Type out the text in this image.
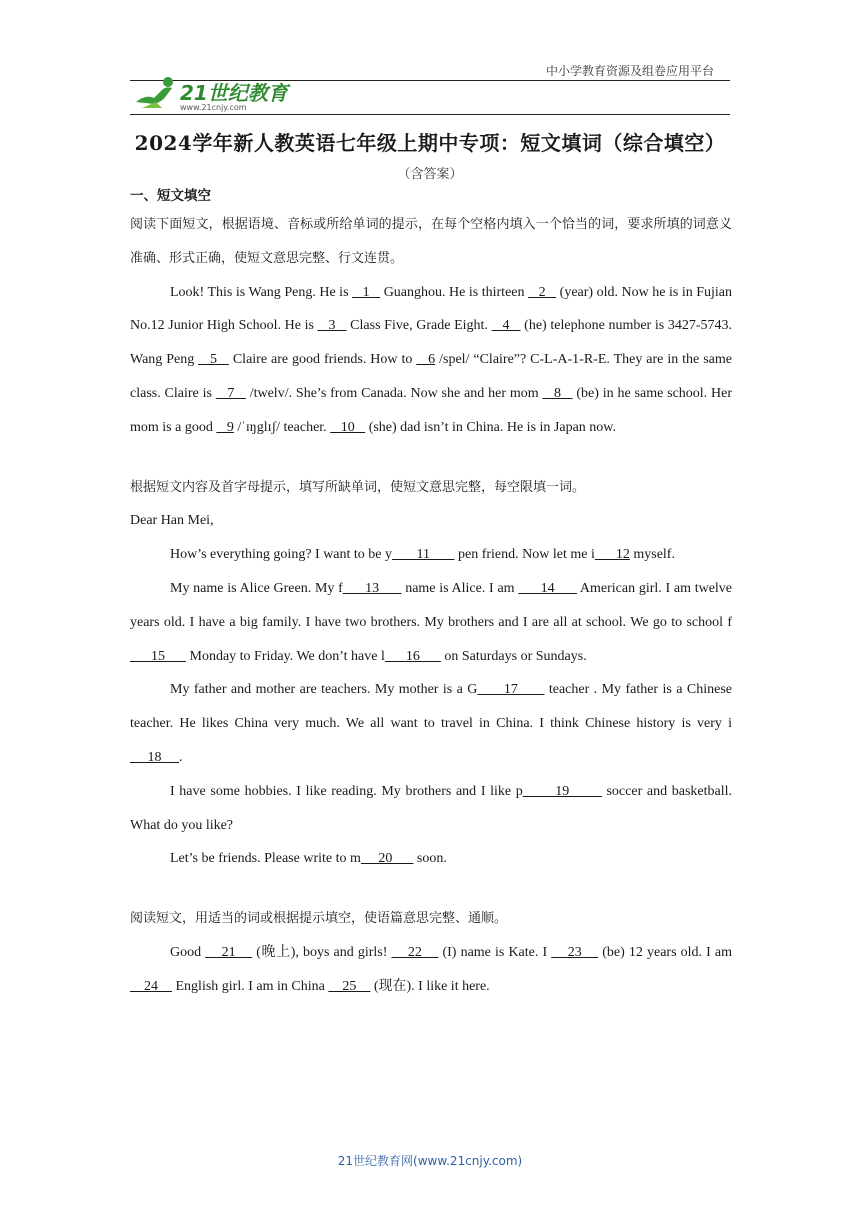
中小学教育资源及组卷应用平台
21世纪教育
www.21cnjy.com
2024学年新人教英语七年级上期中专项：短文填词（综合填空）
（含答案）

一、短文填空

阅读下面短文，根据语境、音标或所给单词的提示，在每个空格内填入一个恰当的词，要求所填的词意义准确、形式正确，使短文意思完整、行文连贯。

Look! This is Wang Peng. He is    1    Guanghou. He is thirteen    2    (year) old. Now he is in Fujian No.12 Junior High School. He is    3    Class Five, Grade Eight.    4    (he) telephone number is 3427-5743. Wang Peng    5    Claire are good friends. How to    6 /spel/ “Claire”? C-L-A-1-R-E. They are in the same class. Claire is    7    /twelv/. She’s from Canada. Now she and her mom    8    (be) in he same school. Her mom is a good    9 /ˈɪŋglɪʃ/ teacher.    10    (she) dad isn’t in China. He is in Japan now.

根据短文内容及首字母提示，填写所缺单词，使短文意思完整，每空限填一词。

Dear Han Mei,

How’s everything going? I want to be y       11        pen friend. Now let me i      12 myself.

My name is Alice Green. My f      13       name is Alice. I am       14       American girl. I am twelve years old. I have a big family. I have two brothers. My brothers and I are all at school. We go to school f      15       Monday to Friday. We don’t have l      16       on Saturdays or Sundays.

My father and mother are teachers. My mother is a G      17       teacher . My father is a Chinese teacher. He likes China very much. We all want to travel in China. I think Chinese history is very i     18     .

I have some hobbies. I like reading. My brothers and I like p       19        soccer and basketball. What do you like?

Let’s be friends. Please write to m     20       soon.

阅读短文，用适当的词或根据提示填空，使语篇意思完整、通顺。

Good     21     (晚上), boys and girls!     22     (I) name is Kate. I     23     (be) 12 years old. I am     24     English girl. I am in China     25     (现在). I like it here.

21世纪教育网(www.21cnjy.com)
